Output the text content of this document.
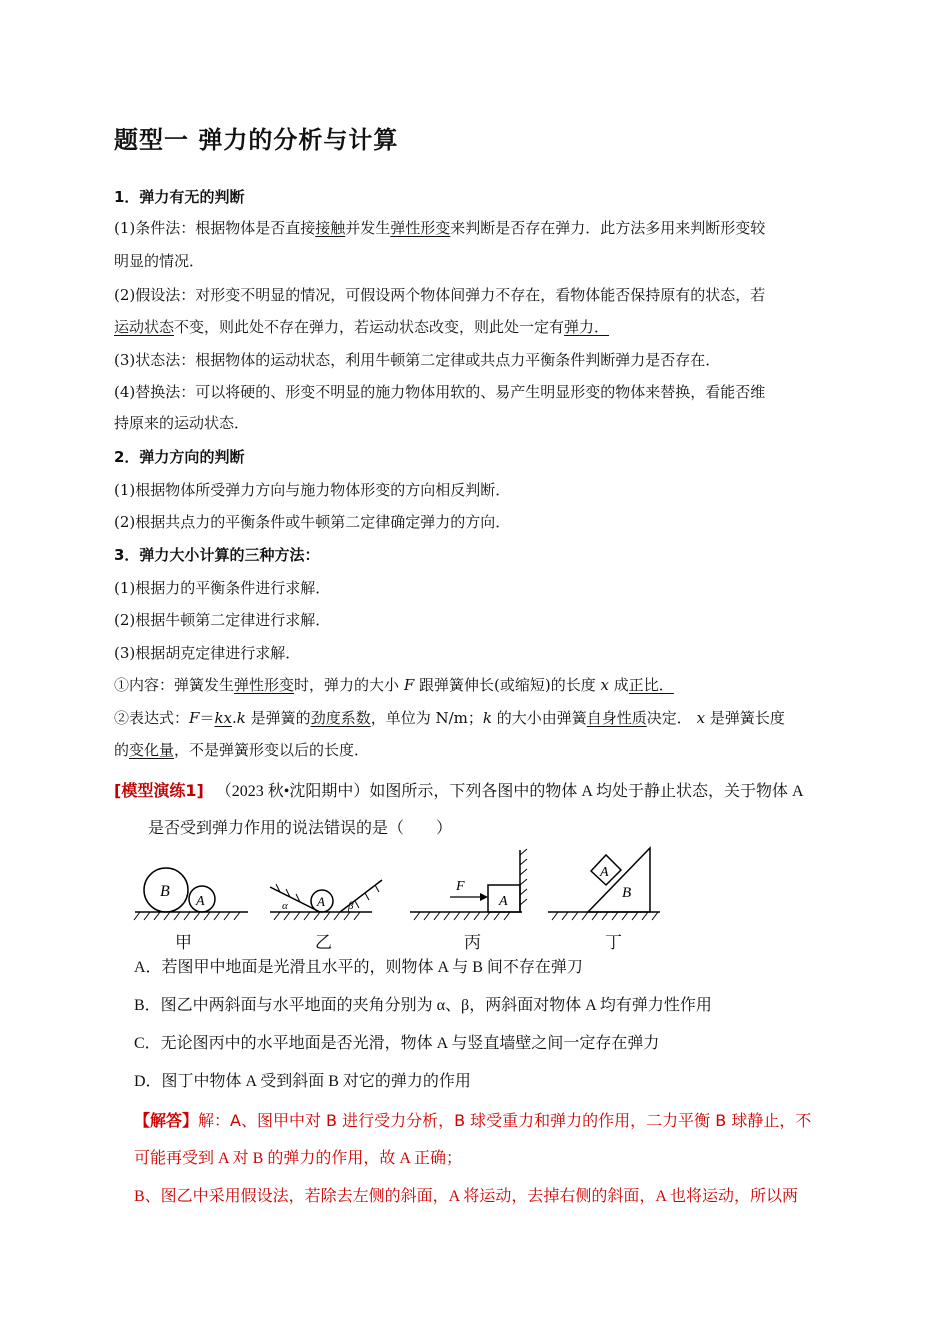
题型一 弹力的分析与计算
1．弹力有无的判断
(1)条件法：根据物体是否直接接触并发生弹性形变来判断是否存在弹力．此方法多用来判断形变较
明显的情况．
(2)假设法：对形变不明显的情况，可假设两个物体间弹力不存在，看物体能否保持原有的状态，若
运动状态不变，则此处不存在弹力，若运动状态改变，则此处一定有弹力．
(3)状态法：根据物体的运动状态，利用牛顿第二定律或共点力平衡条件判断弹力是否存在．
(4)替换法：可以将硬的、形变不明显的施力物体用软的、易产生明显形变的物体来替换，看能否维
持原来的运动状态．
2．弹力方向的判断
(1)根据物体所受弹力方向与施力物体形变的方向相反判断．
(2)根据共点力的平衡条件或牛顿第二定律确定弹力的方向．
3．弹力大小计算的三种方法：
(1)根据力的平衡条件进行求解．
(2)根据牛顿第二定律进行求解．
(3)根据胡克定律进行求解．
①内容：弹簧发生弹性形变时，弹力的大小 F 跟弹簧伸长(或缩短)的长度 x 成正比．
②表达式：F＝kx.k 是弹簧的劲度系数，单位为 N/m；k 的大小由弹簧自身性质决定． x 是弹簧长度
的变化量，不是弹簧形变以后的长度．
[模型演练1] （2023 秋•沈阳期中）如图所示，下列各图中的物体 A 均处于静止状态，关于物体 A
是否受到弹力作用的说法错误的是（　　）
B
A	A
α	β	A
F
A
B
甲	乙	丙	丁
A．若图甲中地面是光滑且水平的，则物体 A 与 B 间不存在弹刀
B．图乙中两斜面与水平地面的夹角分别为 α、β，两斜面对物体 A 均有弹力性作用
C．无论图丙中的水平地面是否光滑，物体 A 与竖直墙壁之间一定存在弹力
D．图丁中物体 A 受到斜面 B 对它的弹力的作用
【解答】解：A、图甲中对 B 进行受力分析，B 球受重力和弹力的作用，二力平衡 B 球静止，不
可能再受到 A 对 B 的弹力的作用，故 A 正确；
B、图乙中采用假设法，若除去左侧的斜面，A 将运动，去掉右侧的斜面，A 也将运动，所以两
